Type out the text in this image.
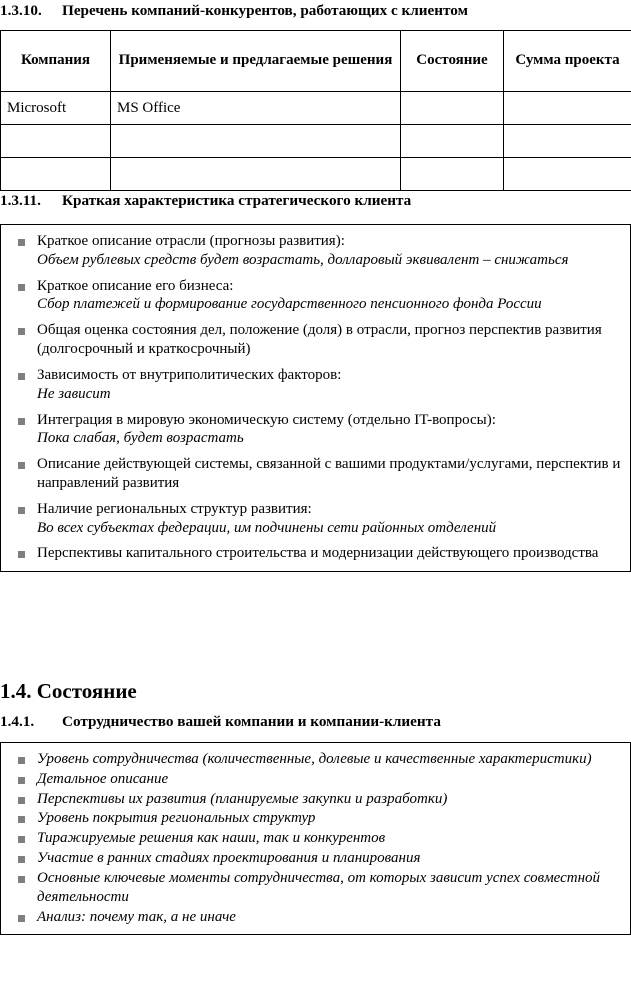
1.3.10.	Перечень компаний-конкурентов, работающих с клиентом
Компания	Применяемые и предлагаемые решения	Состояние	Сумма проекта
Microsoft	MS Office		

1.3.11.	Краткая характеристика стратегического клиента
Краткое описание отрасли (прогнозы развития):
Объем рублевых средств будет возрастать, долларовый эквивалент – снижаться
Краткое описание его бизнеса:
Сбор платежей и формирование государственного пенсионного фонда России
Общая оценка состояния дел, положение (доля) в отрасли, прогноз перспектив развития (долгосрочный и краткосрочный)
Зависимость от внутриполитических факторов:
Не зависит
Интеграция в мировую экономическую систему (отдельно IT-вопросы):
Пока слабая, будет возрастать
Описание действующей системы, связанной с вашими продуктами/услугами, перспектив и направлений развития
Наличие региональных структур развития:
Во всех субъектах федерации, им подчинены сети районных отделений
Перспективы капитального строительства и модернизации действующего производства
1.4. Состояние
1.4.1.	Сотрудничество вашей компании и компании-клиента
Уровень сотрудничества (количественные, долевые и качественные характеристики)
Детальное описание
Перспективы их развития (планируемые закупки и разработки)
Уровень покрытия региональных структур
Тиражируемые решения как наши, так и конкурентов
Участие в ранних стадиях проектирования и планирования
Основные ключевые моменты сотрудничества, от которых зависит успех совместной деятельности
Анализ: почему так, а не иначе
